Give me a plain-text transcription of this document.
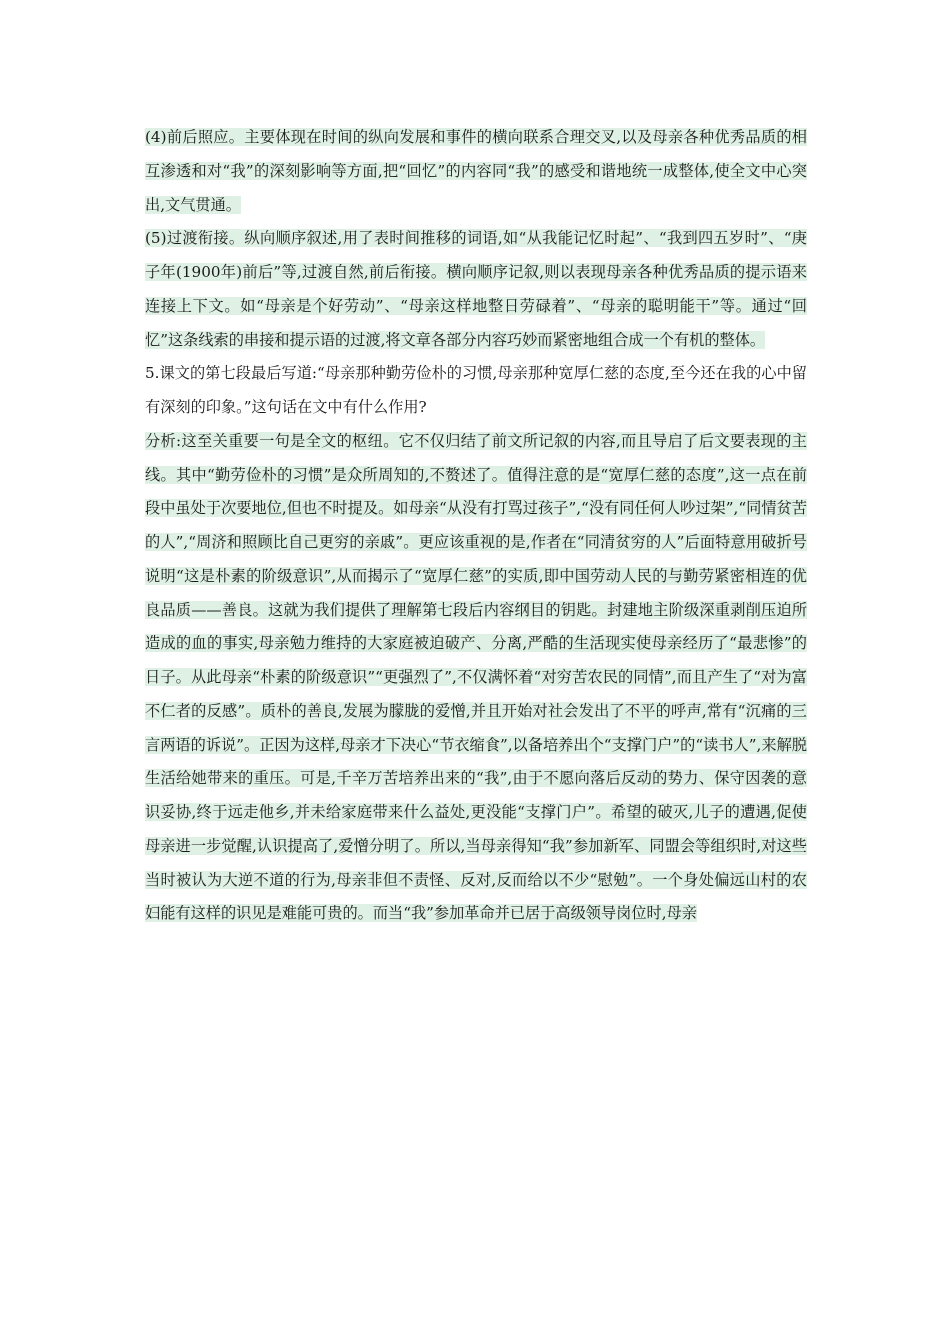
(4)前后照应。主要体现在时间的纵向发展和事件的横向联系合理交叉,以及母亲各种优秀品质的相互渗透和对“我”的深刻影响等方面,把“回忆”的内容同“我”的感受和谐地统一成整体,使全文中心突出,文气贯通。

(5)过渡衔接。纵向顺序叙述,用了表时间推移的词语,如“从我能记忆时起”、“我到四五岁时”、“庚子年(1900年)前后”等,过渡自然,前后衔接。横向顺序记叙,则以表现母亲各种优秀品质的提示语来连接上下文。如“母亲是个好劳动”、“母亲这样地整日劳碌着”、“母亲的聪明能干”等。通过“回忆”这条线索的串接和提示语的过渡,将文章各部分内容巧妙而紧密地组合成一个有机的整体。

5.课文的第七段最后写道:“母亲那种勤劳俭朴的习惯,母亲那种宽厚仁慈的态度,至今还在我的心中留有深刻的印象。”这句话在文中有什么作用?

分析:这至关重要一句是全文的枢纽。它不仅归结了前文所记叙的内容,而且导启了后文要表现的主线。其中“勤劳俭朴的习惯”是众所周知的,不赘述了。值得注意的是“宽厚仁慈的态度”,这一点在前段中虽处于次要地位,但也不时提及。如母亲“从没有打骂过孩子”,“没有同任何人吵过架”,“同情贫苦的人”,“周济和照顾比自己更穷的亲戚”。更应该重视的是,作者在“同清贫穷的人”后面特意用破折号说明“这是朴素的阶级意识”,从而揭示了“宽厚仁慈”的实质,即中国劳动人民的与勤劳紧密相连的优良品质——善良。这就为我们提供了理解第七段后内容纲目的钥匙。封建地主阶级深重剥削压迫所造成的血的事实,母亲勉力维持的大家庭被迫破产、分离,严酷的生活现实使母亲经历了“最悲惨”的日子。从此母亲“朴素的阶级意识”“更强烈了”,不仅满怀着“对穷苦农民的同情”,而且产生了“对为富不仁者的反感”。质朴的善良,发展为朦胧的爱憎,并且开始对社会发出了不平的呼声,常有“沉痛的三言两语的诉说”。正因为这样,母亲才下决心“节衣缩食”,以备培养出个“支撑门户”的“读书人”,来解脱生活给她带来的重压。可是,千辛万苦培养出来的“我”,由于不愿向落后反动的势力、保守因袭的意识妥协,终于远走他乡,并未给家庭带来什么益处,更没能“支撑门户”。希望的破灭,儿子的遭遇,促使母亲进一步觉醒,认识提高了,爱憎分明了。所以,当母亲得知“我”参加新军、同盟会等组织时,对这些当时被认为大逆不道的行为,母亲非但不责怪、反对,反而给以不少“慰勉”。一个身处偏远山村的农妇能有这样的识见是难能可贵的。而当“我”参加革命并已居于高级领导岗位时,母亲
